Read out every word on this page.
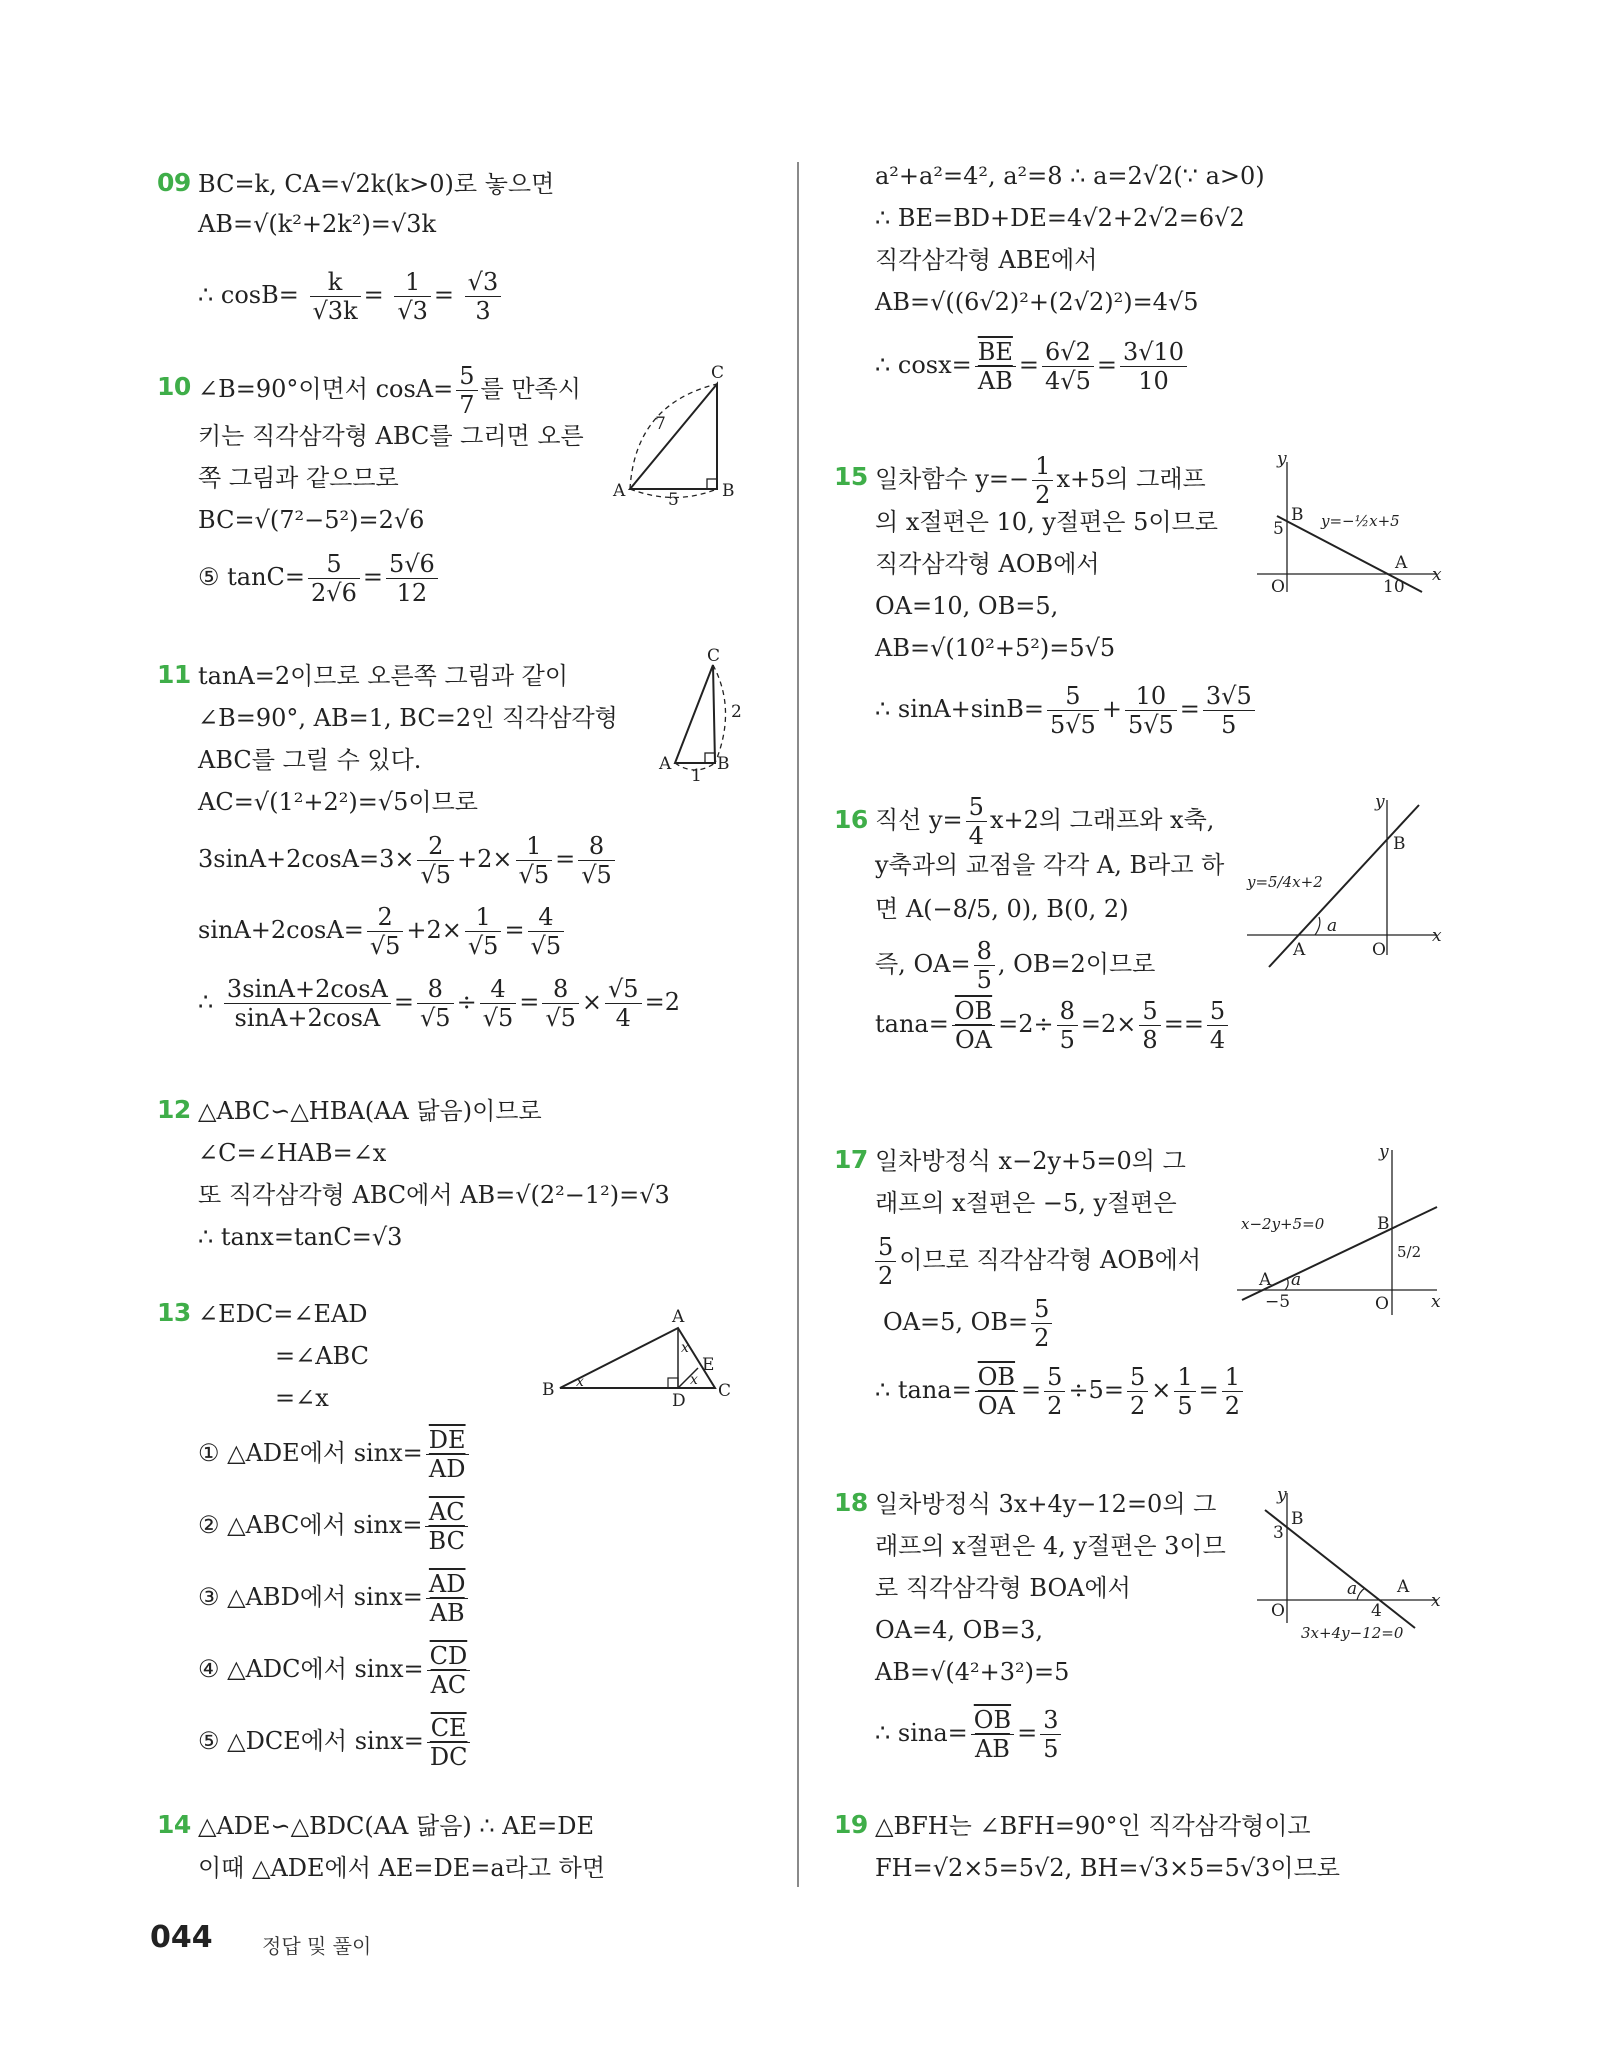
09 BC=k, CA=√2k(k>0)로 놓으면
AB=√(k²+2k²)=√3k
∴ $\cos B= \frac{k}{√3k} = \frac{1}{√3} = \frac{√3}{3}$
10 ∠B=90°이면서 $\cos A= \frac{5}{7}$ 를 만족시
키는 직각삼각형 ABC를 그리면 오른
쪽 그림과 같으므로
BC=√(7²−5²)=2√6
⑤ $\tan C= \frac{5}{2√6} = \frac{5√6}{12}$
A	B
C
7
5
11 tanA=2이므로 오른쪽 그림과 같이
∠B=90°, AB=1, BC=2인 직각삼각형
ABC를 그릴 수 있다.
AC=√(1²+2²)=√5이므로
$3\sin A+2\cos A=3\times \frac{2}{√5} +2\times \frac{1}{√5} = \frac{8}{√5}$
$\sin A+2\cos A= \frac{2}{√5} +2\times \frac{1}{√5} = \frac{4}{√5}$
∴ $\frac{3\sin A+2\cos A}{\sin A+2\cos A} = \frac{8}{√5} \div \frac{4}{√5} = \frac{8}{√5} \times \frac{√5}{4} =2$
A	B
C
1
2
12 △ABC∽△HBA(AA 닮음)이므로
∠C=∠HAB=∠x
또 직각삼각형 ABC에서 AB=√(2²−1²)=√3
∴ tanx=tanC=√3
13 ∠EDC=∠EAD
=∠ABC
=∠x
① △ADE에서 $\sin x= \frac{\overline{DE}}{AD}$
② △ABC에서 $\sin x= \frac{\overline{AC}}{BC}$
③ △ABD에서 $\sin x= \frac{\overline{AD}}{AB}$
④ △ADC에서 $\sin x= \frac{\overline{CD}}{AC}$
⑤ △DCE에서 $\sin x= \frac{\overline{CE}}{DC}$
B	C
A
D
E
x
x
x
14 △ADE∽△BDC(AA 닮음) ∴ AE=DE
이때 △ADE에서 AE=DE=a라고 하면
a²+a²=4², a²=8 ∴ a=2√2(∵ a>0)
∴ BE=BD+DE=4√2+2√2=6√2
직각삼각형 ABE에서
AB=√((6√2)²+(2√2)²)=4√5
∴ $\cos x= \frac{\overline{BE}}{AB} = \frac{6√2}{4√5} = \frac{3√10}{10}$
15 일차함수 $y=- \frac{1}{2} x+5$의 그래프
의 x절편은 10, y절편은 5이므로
직각삼각형 AOB에서
OA=10, OB=5,
AB=√(10²+5²)=5√5
∴ $\sin A+\sin B= \frac{5}{5√5} + \frac{10}{5√5} = \frac{3√5}{5}$
y
x
O
B
A
5
10
y=−½x+5
16 직선 $y= \frac{5}{4} x+2$의 그래프와 x축,
y축과의 교점을 각각 A, B라고 하
면 A(−8/5, 0), B(0, 2)
즉, $OA= \frac{8}{5}$ , OB=2이므로
$\tan a= \frac{\overline{OB}}{OA} =2\div \frac{8}{5} =2\times \frac{5}{8} == \frac{5}{4}$
y
x
O
B
A
a
y=5/4x+2
17 일차방정식 x−2y+5=0의 그
래프의 x절편은 −5, y절편은
$\frac{5}{2}$ 이므로 직각삼각형 AOB에서
OA=5, $OB= \frac{5}{2}$
∴ $\tan a= \frac{\overline{OB}}{OA} = \frac{5}{2} \div 5= \frac{5}{2} \times \frac{1}{5} = \frac{1}{2}$
y
x
O
B
A a
−5
5/2
x−2y+5=0
18 일차방정식 3x+4y−12=0의 그
래프의 x절편은 4, y절편은 3이므
로 직각삼각형 BOA에서
OA=4, OB=3,
AB=√(4²+3²)=5
∴ $\sin a= \frac{\overline{OB}}{AB} = \frac{3}{5}$
y
x
O
B
A
a
3
4
3x+4y−12=0
19 △BFH는 ∠BFH=90°인 직각삼각형이고
FH=√2×5=5√2, BH=√3×5=5√3이므로
044 정답 및 풀이
